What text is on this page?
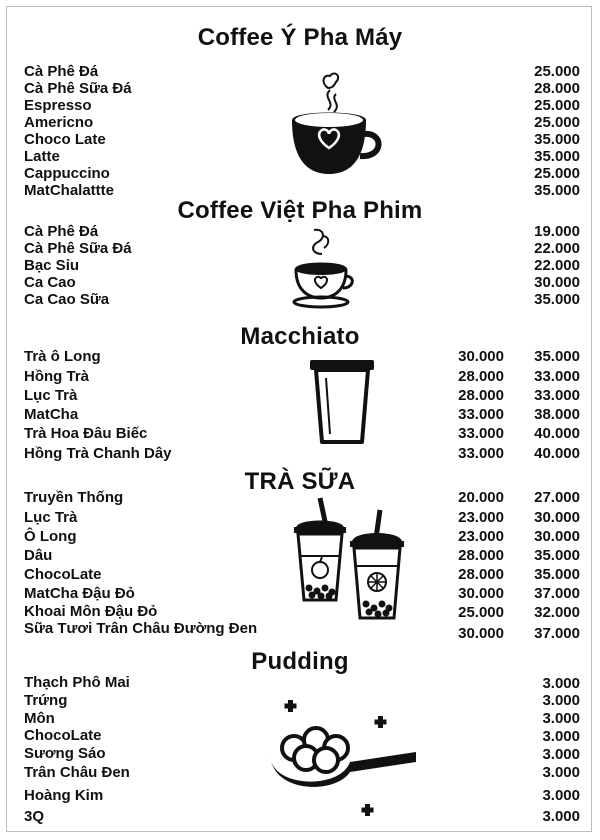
Coffee Ý Pha Máy
Cà Phê Đá	25.000
Cà Phê Sữa Đá	28.000
Espresso	25.000
Americno	25.000
Choco Late	35.000
Latte	35.000
Cappuccino	25.000
MatChalattte	35.000
Coffee Việt Pha Phim
Cà Phê Đá	19.000
Cà Phê Sữa Đá	22.000
Bạc Sỉu	22.000
Ca Cao	30.000
Ca Cao Sữa	35.000
Macchiato
Trà ô Long	30.000	35.000
Hồng Trà	28.000	33.000
Lục Trà	28.000	33.000
MatCha	33.000	38.000
Trà Hoa Đâu Biếc	33.000	40.000
Hồng Trà Chanh Dây	33.000	40.000
TRÀ SỮA
Truyền Thống	20.000	27.000
Lục Trà	23.000	30.000
Ô Long	23.000	30.000
Dâu	28.000	35.000
ChocoLate	28.000	35.000
MatCha Đậu Đỏ	30.000	37.000
Khoai Môn Đậu Đỏ	25.000	32.000
Sữa Tươi Trân Châu Đường Đen	30.000	37.000
Pudding
Thạch Phô Mai	3.000
Trứng	3.000
Môn	3.000
ChocoLate	3.000
Sương Sáo	3.000
Trân Châu Đen	3.000
Hoàng Kim	3.000
3Q	3.000
